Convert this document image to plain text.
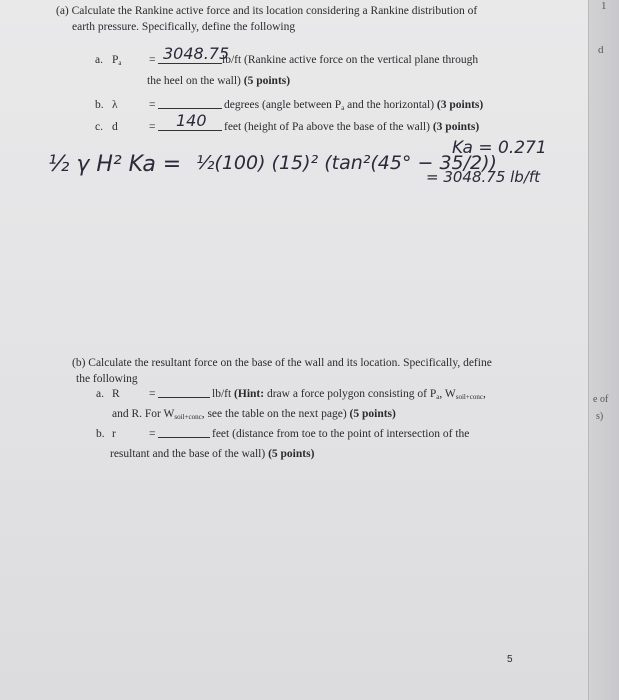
1
d
e of
s)
(a) Calculate the Rankine active force and its location considering a Rankine distribution of
earth pressure. Specifically, define the following
a. $P_a = 3048.75$
lb/ft (Rankine active force on the vertical plane through
the heel on the wall) (5 points)
b. λ	=	degrees (angle between $P_a$ and the horizontal) (3 points)
c. d	= 140 feet (height of Pa above the base of the wall) (3 points)
Ka = 0.271
½ γ H² Ka = ½(100) (15)² (tan²(45° − 35/2))
= 3048.75 lb/ft
(b) Calculate the resultant force on the base of the wall and its location. Specifically, define
the following
a. R	=	lb/ft (Hint: draw a force polygon consisting of $P_a$, $W_{soil+conc}$,
and R. For $W_{soil+conc}$, see the table on the next page) (5 points)
b. r	=	feet (distance from toe to the point of intersection of the
resultant and the base of the wall) (5 points)
5
